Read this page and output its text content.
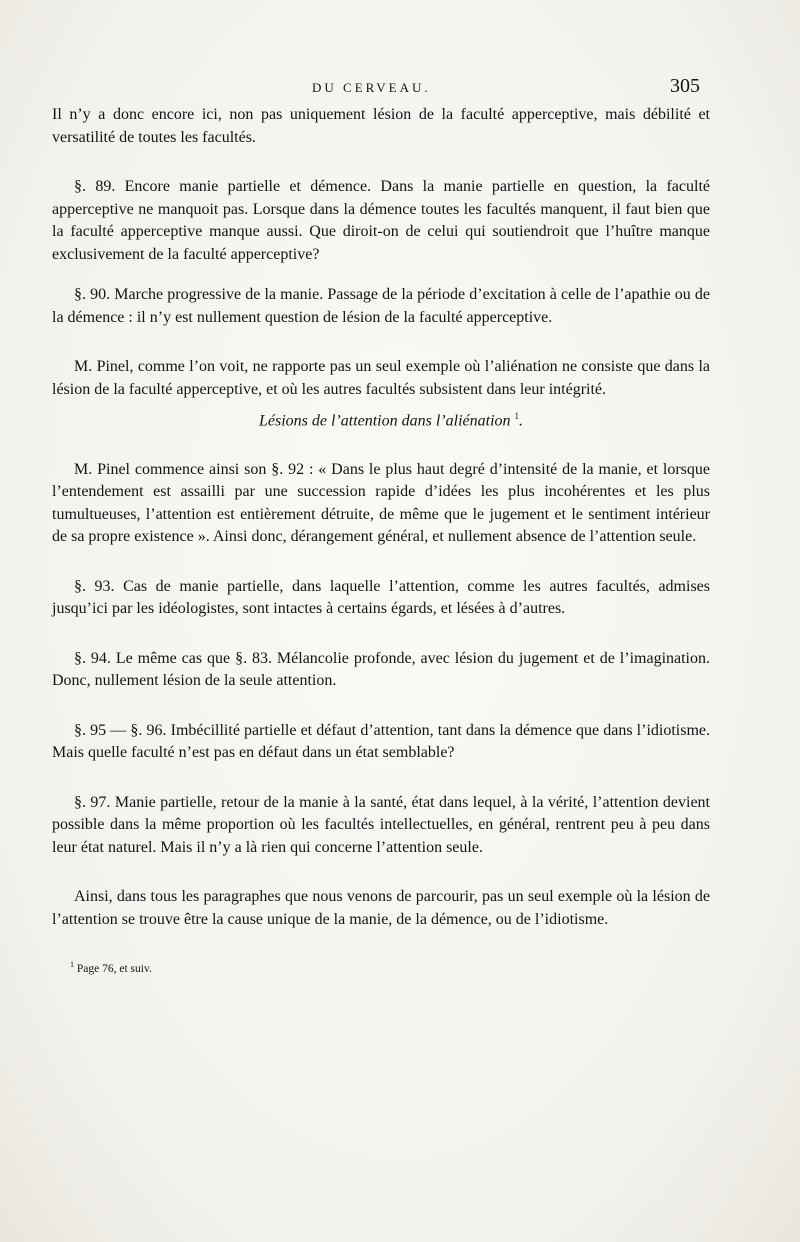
DU CERVEAU.	305

Il n’y a donc encore ici, non pas uniquement lésion de la faculté apperceptive, mais débilité et versatilité de toutes les facultés.

§. 89. Encore manie partielle et démence. Dans la manie partielle en question, la faculté apperceptive ne manquoit pas. Lorsque dans la démence toutes les facultés manquent, il faut bien que la faculté apperceptive manque aussi. Que diroit-on de celui qui soutiendroit que l’huître manque exclusivement de la faculté apperceptive?

§. 90. Marche progressive de la manie. Passage de la période d’excitation à celle de l’apathie ou de la démence : il n’y est nullement question de lésion de la faculté apperceptive.

M. Pinel, comme l’on voit, ne rapporte pas un seul exemple où l’aliénation ne consiste que dans la lésion de la faculté apperceptive, et où les autres facultés subsistent dans leur intégrité.

Lésions de l’attention dans l’aliénation $^1$.

M. Pinel commence ainsi son §. 92 : « Dans le plus haut degré d’intensité de la manie, et lorsque l’entendement est assailli par une succession rapide d’idées les plus incohérentes et les plus tumultueuses, l’attention est entièrement détruite, de même que le jugement et le sentiment intérieur de sa propre existence ». Ainsi donc, dérangement général, et nullement absence de l’attention seule.

§. 93. Cas de manie partielle, dans laquelle l’attention, comme les autres facultés, admises jusqu’ici par les idéologistes, sont intactes à certains égards, et lésées à d’autres.

§. 94. Le même cas que §. 83. Mélancolie profonde, avec lésion du jugement et de l’imagination. Donc, nullement lésion de la seule attention.

§. 95 — §. 96. Imbécillité partielle et défaut d’attention, tant dans la démence que dans l’idiotisme. Mais quelle faculté n’est pas en défaut dans un état semblable?

§. 97. Manie partielle, retour de la manie à la santé, état dans lequel, à la vérité, l’attention devient possible dans la même proportion où les facultés intellectuelles, en général, rentrent peu à peu dans leur état naturel. Mais il n’y a là rien qui concerne l’attention seule.

Ainsi, dans tous les paragraphes que nous venons de parcourir, pas un seul exemple où la lésion de l’attention se trouve être la cause unique de la manie, de la démence, ou de l’idiotisme.

$^1$ Page 76, et suiv.
